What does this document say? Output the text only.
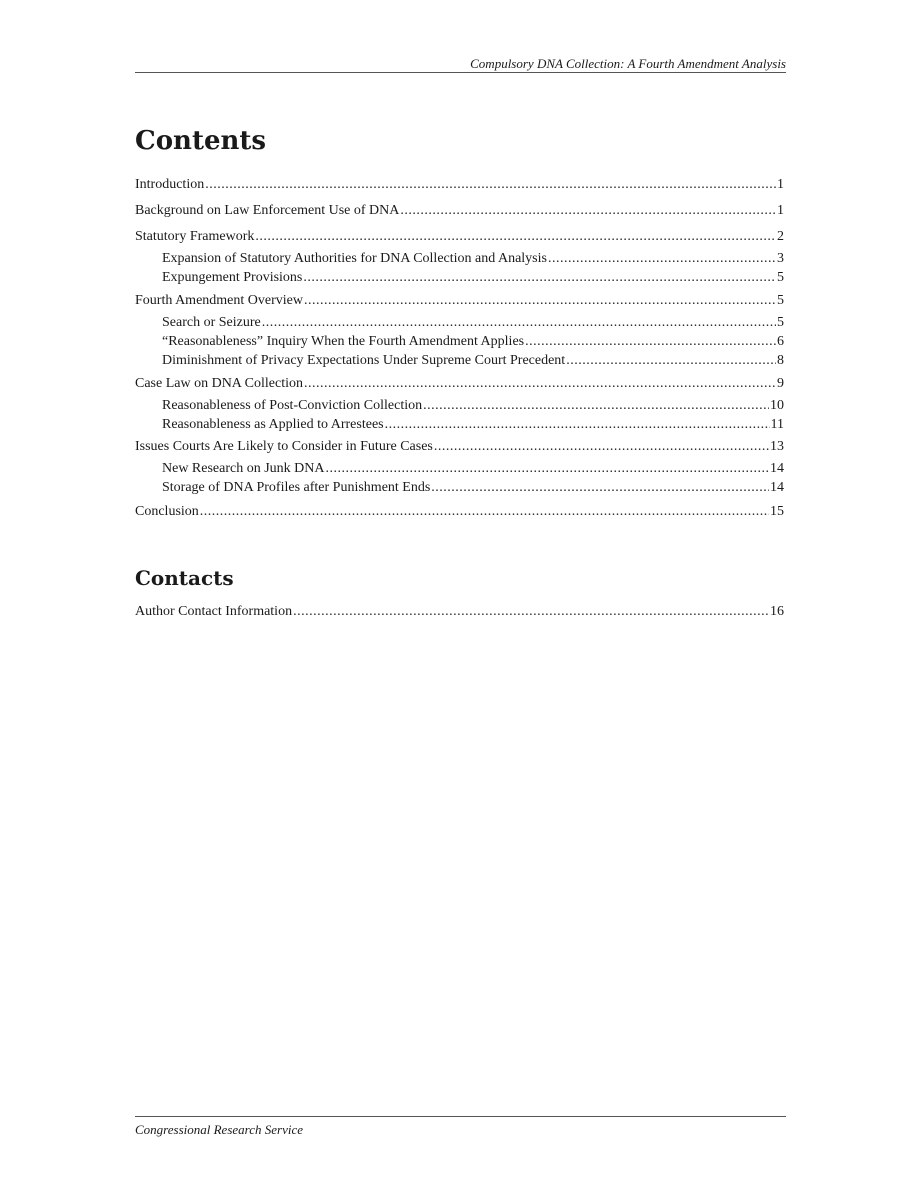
Compulsory DNA Collection: A Fourth Amendment Analysis
Contents
Introduction .....	1
Background on Law Enforcement Use of DNA .....	1
Statutory Framework .....	2
Expansion of Statutory Authorities for DNA Collection and Analysis .....	3
Expungement Provisions .....	5
Fourth Amendment Overview .....	5
Search or Seizure .....	5
“Reasonableness” Inquiry When the Fourth Amendment Applies .....	6
Diminishment of Privacy Expectations Under Supreme Court Precedent .....	8
Case Law on DNA Collection .....	9
Reasonableness of Post-Conviction Collection .....	10
Reasonableness as Applied to Arrestees .....	11
Issues Courts Are Likely to Consider in Future Cases .....	13
New Research on Junk DNA .....	14
Storage of DNA Profiles after Punishment Ends .....	14
Conclusion .....	15
Contacts
Author Contact Information .....	16
Congressional Research Service
